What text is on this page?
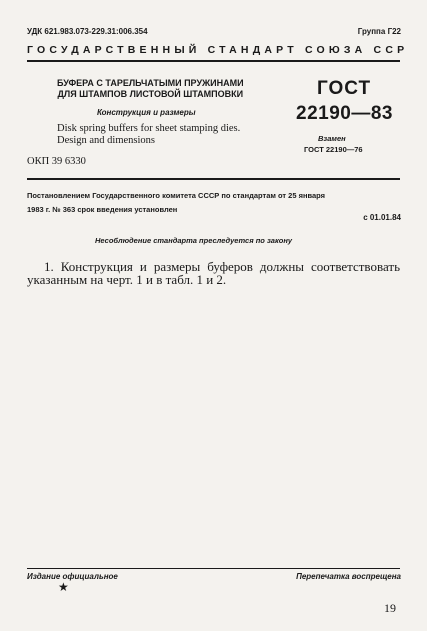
УДК 621.983.073-229.31:006.354	Группа Г22
ГОСУДАРСТВЕННЫЙ СТАНДАРТ СОЮЗА ССР
БУФЕРА С ТАРЕЛЬЧАТЫМИ ПРУЖИНАМИ
ДЛЯ ШТАМПОВ ЛИСТОВОЙ ШТАМПОВКИ
Конструкция и размеры
Disk spring buffers for sheet stamping dies.
Design and dimensions
ГОСТ
22190—83
Взамен
ГОСТ 22190—76
ОКП 39 6330
Постановлением Государственного комитета СССР по стандартам от 25 января
1983 г. № 363 срок введения установлен
с 01.01.84
Несоблюдение стандарта преследуется по закону
1. Конструкция и размеры буферов должны соответствовать
указанным на черт. 1 и в табл. 1 и 2.
Издание официальное	Перепечатка воспрещена
★
19
